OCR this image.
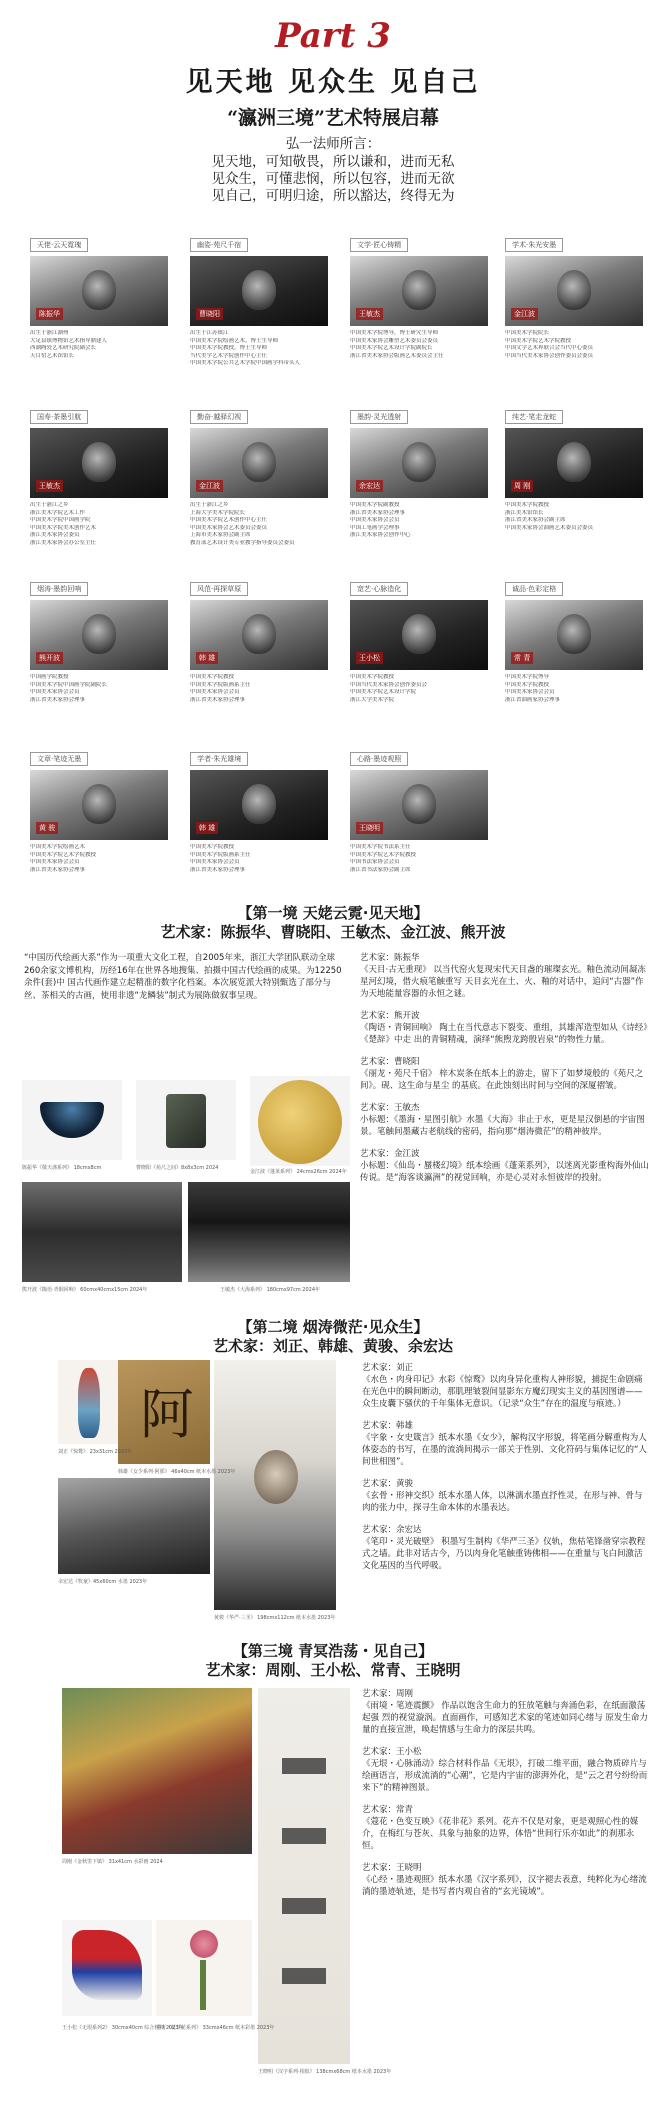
Part 3
见天地 见众生 见自己
“瀛洲三境”艺术特展启幕
弘一法师所言：
见天地，可知敬畏，所以谦和，进而无私
见众生，可懂悲悯，所以包容，进而无欲
见自己，可明归途，所以豁达，终得无为
天佬·云天霓瑰
陈振华
出生于浙江湖州
大足县镇博物馆艺术指导鼎建人
西湖陶瓷艺术研究院副会长
天目窑艺术馆馆长
幽姿·苑尺千宿
曹晓阳
出生于江苏镇江
中国美术学院绘画艺术，博士生导师
中国美术学院教授，博士生导师
当代美学艺术学院创作中心主任
中国美术学院公共艺术学院中国画学科带头人
文学·匠心铸精
王敏杰
中国美术学院博导，博士研究生导师
中国美术家协会雕塑艺术委员会委员
中国美术学院艺术设计学院副院长
浙江省美术家协会版画艺术委员会主任
学术·朱光安墨
金江波
中国美术学院院长
中国美术学院艺术学院教授
中国文学艺术界联合会当代中心委员
中国当代美术家协会创作委员会委员
国寿·茶墨引航
王敏杰
出生于浙江之乡
浙江美术学院艺术工作
中国美术学院中国画学院
中国美术学院美术创作艺术
浙江美术家协会委员
浙江美术家协会办公室主任
勤奋·越驿幻视
金江波
出生于浙江之乡
上海大学美术学院院长
中国美术学院艺术创作中心主任
中国美术家协会艺术委员会委员
上海市美术家协会副主席
教育部艺术设计类专业教学指导委员会委员
墨韵·灵光透射
余宏达
中国美术学院副教授
浙江省美术家协会理事
中国美术家协会会员
中国工笔画学会理事
浙江美术家协会创作中心
纯艺·笔走龙蛇
周 刚
中国美术学院教授
浙江美术馆馆长
浙江省美术家协会副主席
中国美术家协会油画艺术委员会委员
烟涛·墨韵回响
熊开波
中国画学院教授
中国美术学院中国画学院副院长
中国美术家协会会员
浙江省美术家协会理事
风范·再探草原
韩 雄
中国美术学院教授
中国美术学院版画系主任
中国美术家协会会员
浙江省美术家协会理事
宽艺·心脉造化
王小松
中国美术学院教授
中国当代美术家协会创作委员会
中国美术学院艺术设计学院
浙江大学美术学院
诚品·色彩定格
常 青
中国美术学院博导
中国美术学院教授
中国美术家协会会员
浙江省油画家协会理事
文章·笔迹无墨
黄 骏
中国美术学院绘画艺术
中国美术学院艺术学院教授
中国美术家协会会员
浙江省美术家协会理事
学者·朱光雄境
韩 雄
中国美术学院教授
中国美术学院版画系主任
中国美术家协会会员
浙江省美术家协会理事
心路·墨迹观照
王晓明
中国美术学院书法系主任
中国美术学院艺术学院教授
中国书法家协会会员
浙江省书法家协会副主席
【第一境 天姥云霓·见天地】
艺术家：陈振华、曹晓阳、王敏杰、金江波、熊开波
“中国历代绘画大系”作为一项重大文化工程，自2005年来，浙江大学团队联动全球260余家文博机构，历经16年在世界各地搜集、拍摄中国古代绘画的成果。为12250余件(套)中 国古代画作建立起精准的数字化档案。本次展览派大特别甄选了部分与丝、茶相关的古画，使用非遗“龙鳞装”制式为展陈做叙事呈现。
艺术家：陈振华
《天目·古无重现》 以当代窑火复现宋代天目盏的璀璨玄光。釉色流动间凝冻星河幻境，借火痕笔触重写 天目玄光在土、火、釉的对话中，追问“古器”作为天地能量容器的永恒之谜。
艺术家：熊开波
《陶语・青铜回响》 陶土在当代意志下裂变、重组，其雄浑造型如从《诗经》《楚辞》中走 出的青铜精魂，演绎“熊煦龙跨殷岩泉”的物性力量。
艺术家：曹晓阳
《丽龙・苑尺千宿》 梓木炭条在纸本上的游走，留下了如梦境般的《苑尺之间》。砚、这生命与星尘 的基底。在此蚀刻出时间与空间的深厦褶皱。
艺术家：王敏杰
小标题：《墨海・星图引航》水墨《大海》非止于水，更是星汉倒悬的宇宙图景。笔触间墨藏古老航线的密码，指向那“烟涛微茫”的精神彼岸。
艺术家：金江波
小标题：《仙岛・蜃楼幻境》纸本绘画《蓬莱系列》，以迷离光影重构海外仙山传说。是“海客谈瀛洲”的视觉回响，亦是心灵对永恒彼岸的投射。
陈振华《敬天盏系列》 18cmx8cm	曹晓阳《苑尺之间》8x8x3cm 2024
金江波《蓬莱系列》 24cmx26cm 2024年
熊开波《陶语·青铜回响》 60cmx40cmx15cm 2024年	王敏杰《大海系列》 180cmx97cm 2024年
【第二境 烟涛微茫·见众生】
艺术家：刘正、韩雄、黄骏、余宏达
阿
刘正《惊鹜》 23x31cm 2023年
韩雄《女少系列·阿那》 46x40cm 纸本水墨 2023年
余宏达《牧童》45x60cm 水墨 2023年
黄骏《华严·三圣》 198cmx112cm 纸本水墨 2023年
艺术家：刘正
《水色・肉身印记》水彩《惊鹜》以肉身异化重构人神形貌，捕捉生命剧痛在光色中的瞬间断动，那肌理皱裂间显影东方魔幻现实主义的基因图谱——众生皮囊下骚伏的千年集体无意识。（记录“众生”存在的温度与痕迹。）
艺术家：韩雄
《字象・女史箴言》纸本水墨《女少》，解构汉字形貌，将笔画分解重构为人体姿态的书写，在墨的流淌间揭示一部关于性别、文化符码与集体记忆的“人间世相图”。
艺术家：黄骏
《玄骨・形神交织》纸本水墨人体，以淋漓水墨直抒性灵，在形与神、骨与肉的张力中，探寻生命本体的水墨表达。
艺术家：余宏达
《笔印・灵光破壁》 积墨写生制构《华严三圣》仪轨，焦枯笔锋凿穿宗教程式之墙。此非对话古今，乃以肉身化笔触重铸佛相——在重量与飞白间激活文化基因的当代呼吸。
【第三境 青冥浩荡・见自己】
艺术家：周刚、王小松、常青、王晓明
周刚《金秋里下镇》 31x41cm 水彩画 2024
王小松《无垠系列2》 30cmx40cm 综合材料 2023年
常青《花非花系列》 33cmx46cm 纸本彩墨 2023年
王晓明《汉字系列·相似》 138cmx68cm 纸本水墨 2023年
艺术家：周刚
《雨境・笔迹震颤》 作品以饱含生命力的狂放笔触与奔涌色彩，在纸面激荡起强 烈的视觉漩涡。直面画作，可感知艺术家的笔迹如同心绪与 原发生命力量的直接宣泄，唤起情感与生命力的深层共鸣。
艺术家：王小松
《无垠・心脉涌动》综合材料作品《无垠》，打破二维平面，融合物质碎片与绘画语言，形成流淌的“心潮”，它是内宇宙的澎湃外化，是“云之君兮纷纷而来下”的精神图景。
艺术家：常青
《蔻花・色变互映》《花非花》系列。花卉不仅是对象，更是观照心性的媒介，在梅红与苍灰、具象与抽象的边界，体悟“世间行乐亦如此”的刹那永恒。
艺术家：王晓明
《心经・墨迹观照》纸本水墨《汉字系列》，汉字褪去表意，纯粹化为心绪流淌的墨迹轨迹，是书写者内观自省的“玄光镜域”。
